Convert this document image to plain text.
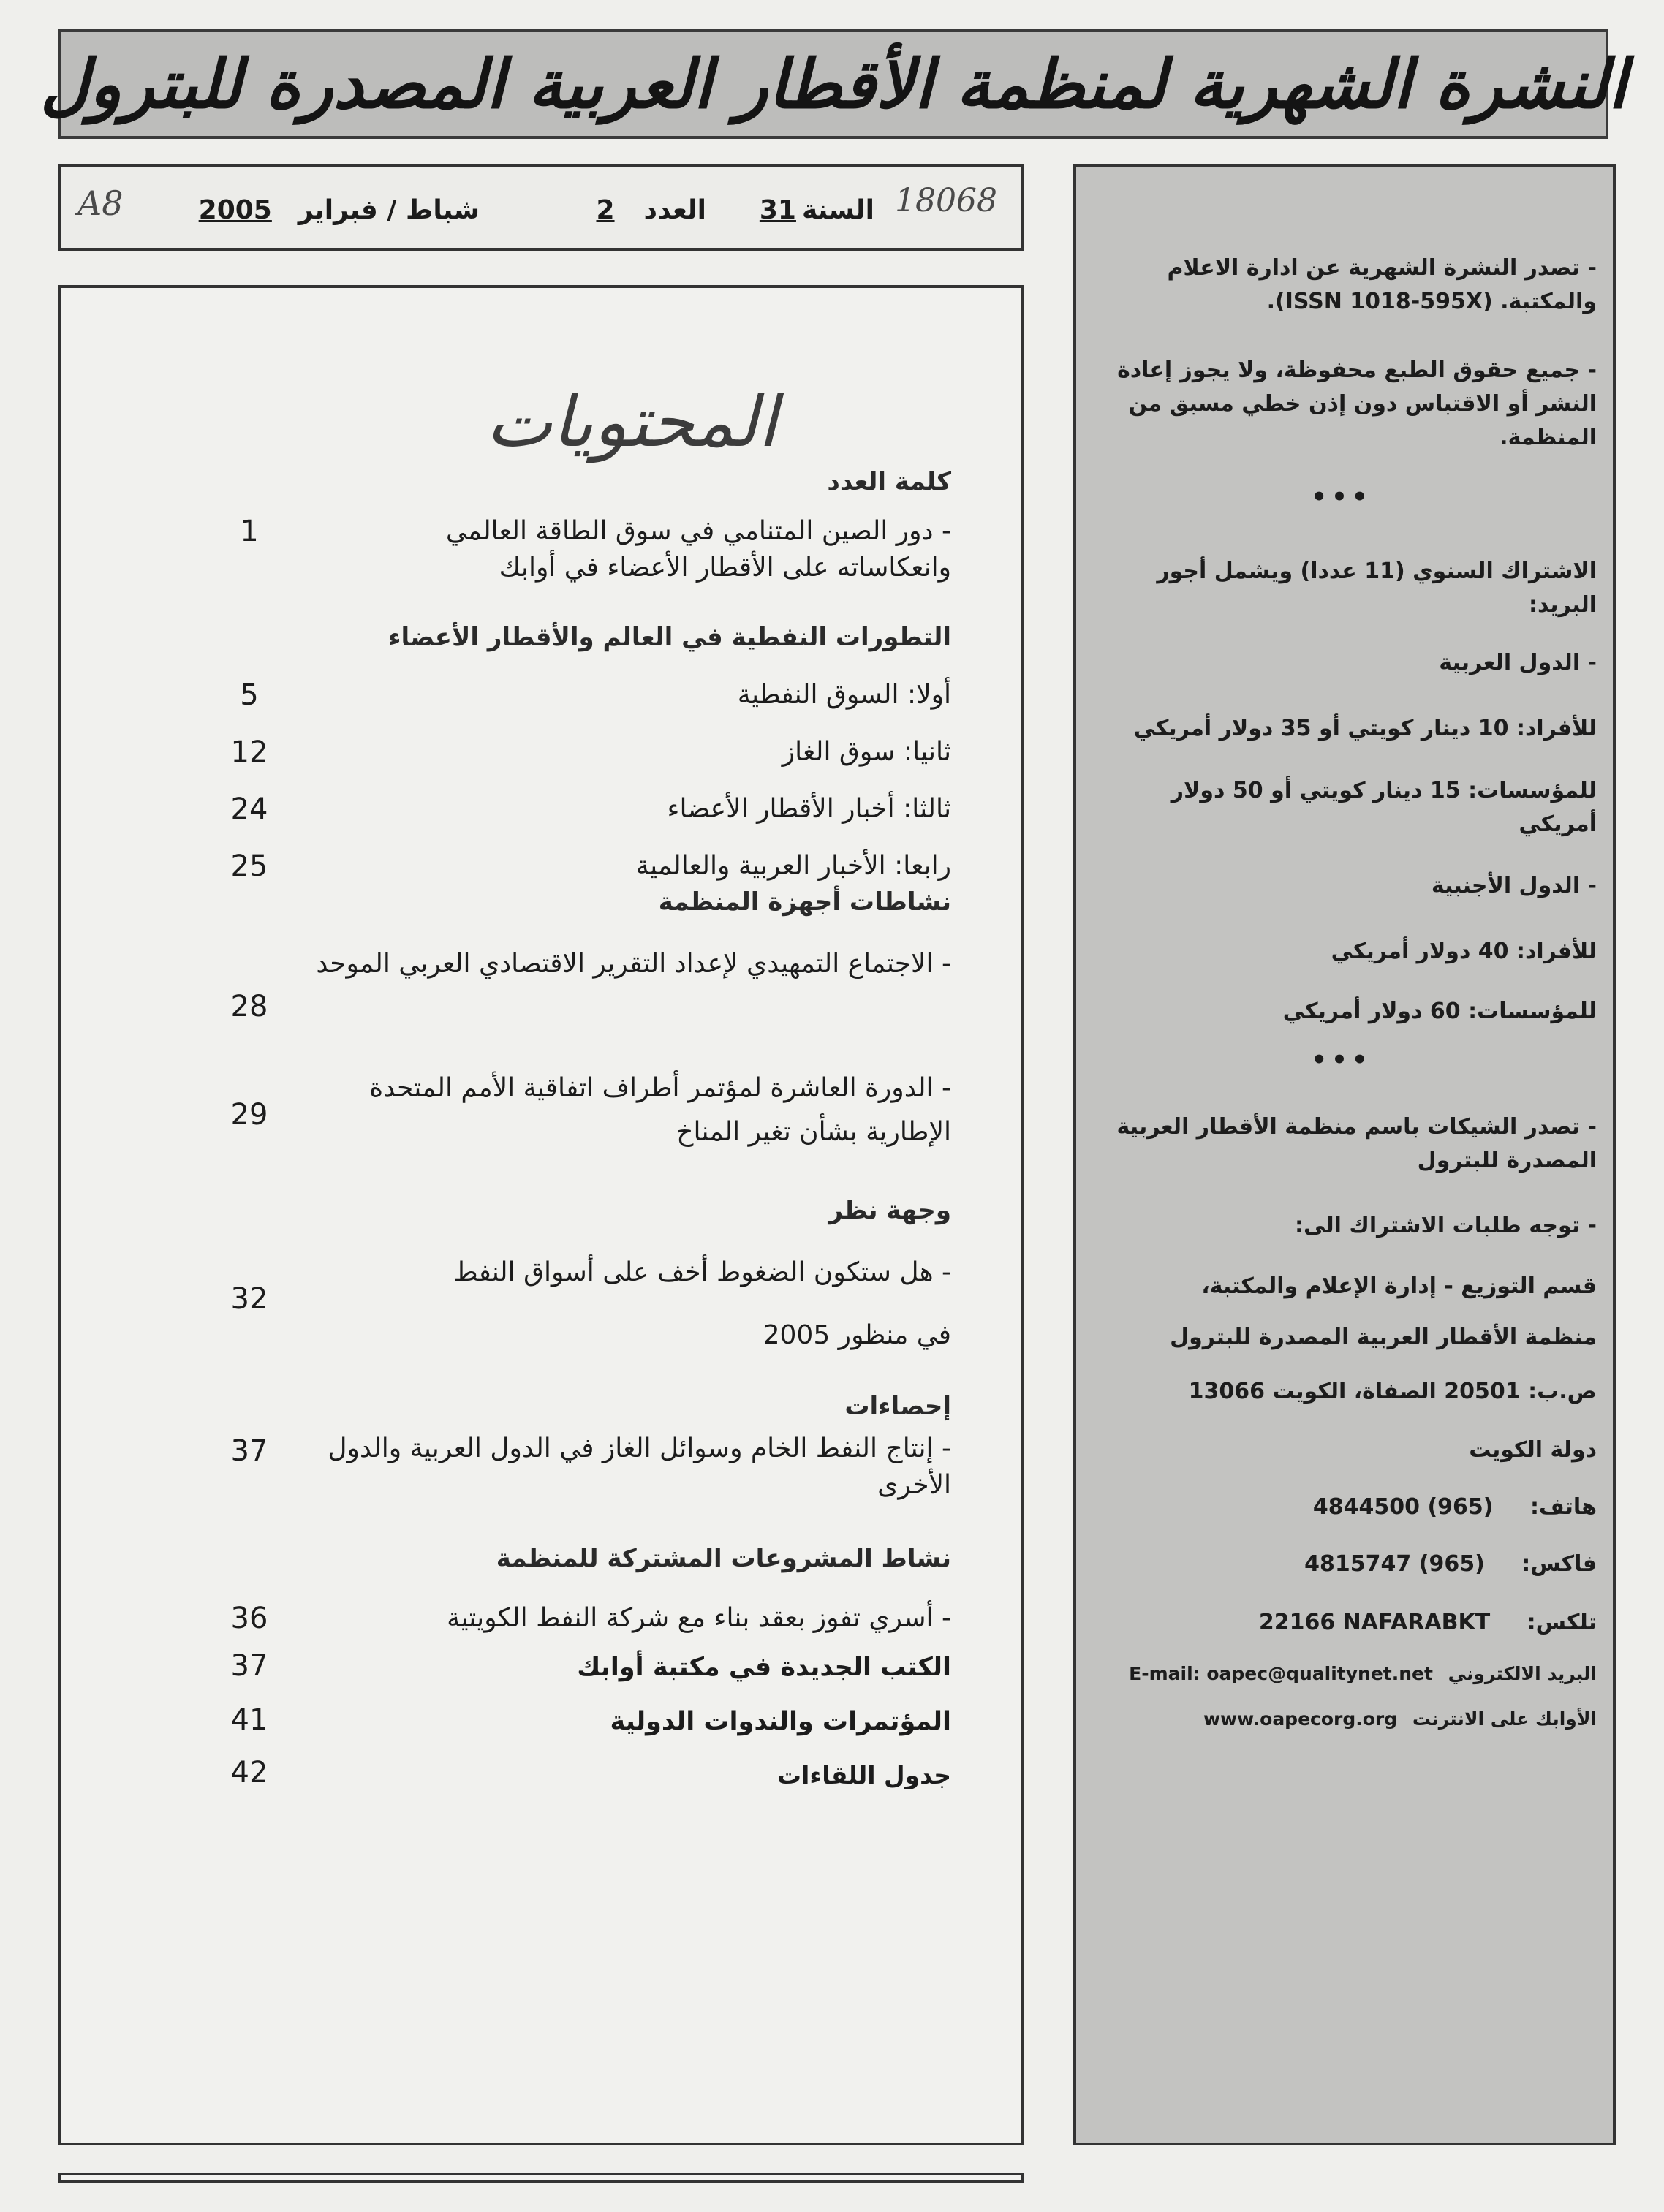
النشرة الشهرية لمنظمة الأقطار العربية المصدرة للبترول
18068
السنة31
العدد2
شباط / فبراير2005
A8
المحتويات
كلمة العدد
- دور الصين المتنامي في سوق الطاقة العالمي
وانعكاساته على الأقطار الأعضاء في أوابك
1
التطورات النفطية في العالم والأقطار الأعضاء
أولا: السوق النفطية
5
ثانيا: سوق الغاز
12
ثالثا: أخبار الأقطار الأعضاء
24
رابعا: الأخبار العربية والعالمية
25
نشاطات أجهزة المنظمة
- الاجتماع التمهيدي لإعداد التقرير الاقتصادي العربي الموحد
28
- الدورة العاشرة لمؤتمر أطراف اتفاقية الأمم المتحدة الإطارية بشأن تغير المناخ
29
وجهة نظر
- هل ستكون الضغوط أخف على أسواق النفط
في منظور 2005
32
إحصاءات
- إنتاج النفط الخام وسوائل الغاز في الدول العربية والدول الأخرى
37
نشاط المشروعات المشتركة للمنظمة
- أسري تفوز بعقد بناء مع شركة النفط الكويتية
36
الكتب الجديدة في مكتبة أوابك
37
المؤتمرات والندوات الدولية
41
جدول اللقاءات
42
- تصدر النشرة الشهرية عن ادارة الاعلام والمكتبة. (ISSN 1018-595X).
- جميع حقوق الطبع محفوظة، ولا يجوز إعادة النشر أو الاقتباس دون إذن خطي مسبق من المنظمة.
•••
الاشتراك السنوي (11 عددا) ويشمل أجور البريد:
- الدول العربية
للأفراد: 10 دينار كويتي أو 35 دولار أمريكي
للمؤسسات: 15 دينار كويتي أو 50 دولار أمريكي
- الدول الأجنبية
للأفراد: 40 دولار أمريكي
للمؤسسات: 60 دولار أمريكي
•••
- تصدر الشيكات باسم منظمة الأقطار العربية المصدرة للبترول
- توجه طلبات الاشتراك الى:
قسم التوزيع - إدارة الإعلام والمكتبة،
منظمة الأقطار العربية المصدرة للبترول
ص.ب: 20501 الصفاة، الكويت 13066
دولة الكويت
هاتف: 4844500 (965)
فاكس: 4815747 (965)
تلكس: 22166 NAFARABKT
البريد الالكتروني E-mail: oapec@qualitynet.net
الأوابك على الانترنت www.oapecorg.org
